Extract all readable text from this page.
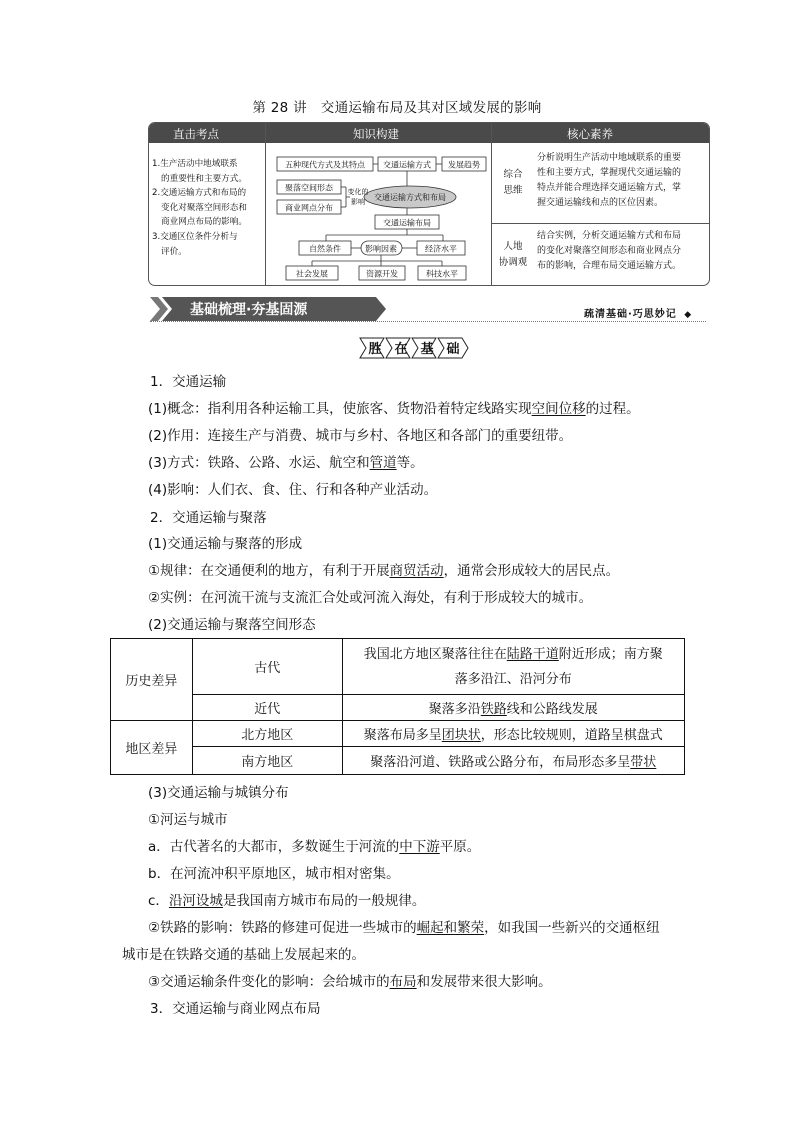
第 28 讲　交通运输布局及其对区域发展的影响
直击考点	知识构建	核心素养

1.生产活动中地域联系

的重要性和主要方式。

2.交通运输方式和布局的

变化对聚落空间形态和

商业网点布局的影响。

3.交通区位条件分析与

评价。

五种现代方式及其特点 交通运输方式 发展趋势
聚落空间形态 变化的
影响
商业网点分布
交通运输方式和布局
交通运输布局
自然条件	影响因素	经济水平
社会发展	资源开发	科技水平
综合
思维
分析说明生产活动中地域联系的重要
性和主要方式，掌握现代交通运输的
特点并能合理选择交通运输方式，掌
握交通运输线和点的区位因素。
人地
协调观
结合实例，分析交通运输方式和布局
的变化对聚落空间形态和商业网点分
布的影响，合理布局交通运输方式。
基础梳理·夯基固源	疏清基础·巧思妙记 ◆
胜 在 基 础
1．交通运输
(1)概念：指利用各种运输工具，使旅客、货物沿着特定线路实现空间位移的过程。
(2)作用：连接生产与消费、城市与乡村、各地区和各部门的重要纽带。
(3)方式：铁路、公路、水运、航空和管道等。
(4)影响：人们衣、食、住、行和各种产业活动。
2．交通运输与聚落
(1)交通运输与聚落的形成
①规律：在交通便利的地方，有利于开展商贸活动，通常会形成较大的居民点。
②实例：在河流干流与支流汇合处或河流入海处，有利于形成较大的城市。
(2)交通运输与聚落空间形态
历史差异	古代	我国北方地区聚落往往在陆路干道附近形成；南方聚
落多沿江、沿河分布
	近代	聚落多沿铁路线和公路线发展
地区差异	北方地区	聚落布局多呈团块状，形态比较规则，道路呈棋盘式
	南方地区	聚落沿河道、铁路或公路分布，布局形态多呈带状
(3)交通运输与城镇分布
①河运与城市
a．古代著名的大都市，多数诞生于河流的中下游平原。
b．在河流冲积平原地区，城市相对密集。
c．沿河设城是我国南方城市布局的一般规律。
②铁路的影响：铁路的修建可促进一些城市的崛起和繁荣，如我国一些新兴的交通枢纽
城市是在铁路交通的基础上发展起来的。
③交通运输条件变化的影响：会给城市的布局和发展带来很大影响。
3．交通运输与商业网点布局
